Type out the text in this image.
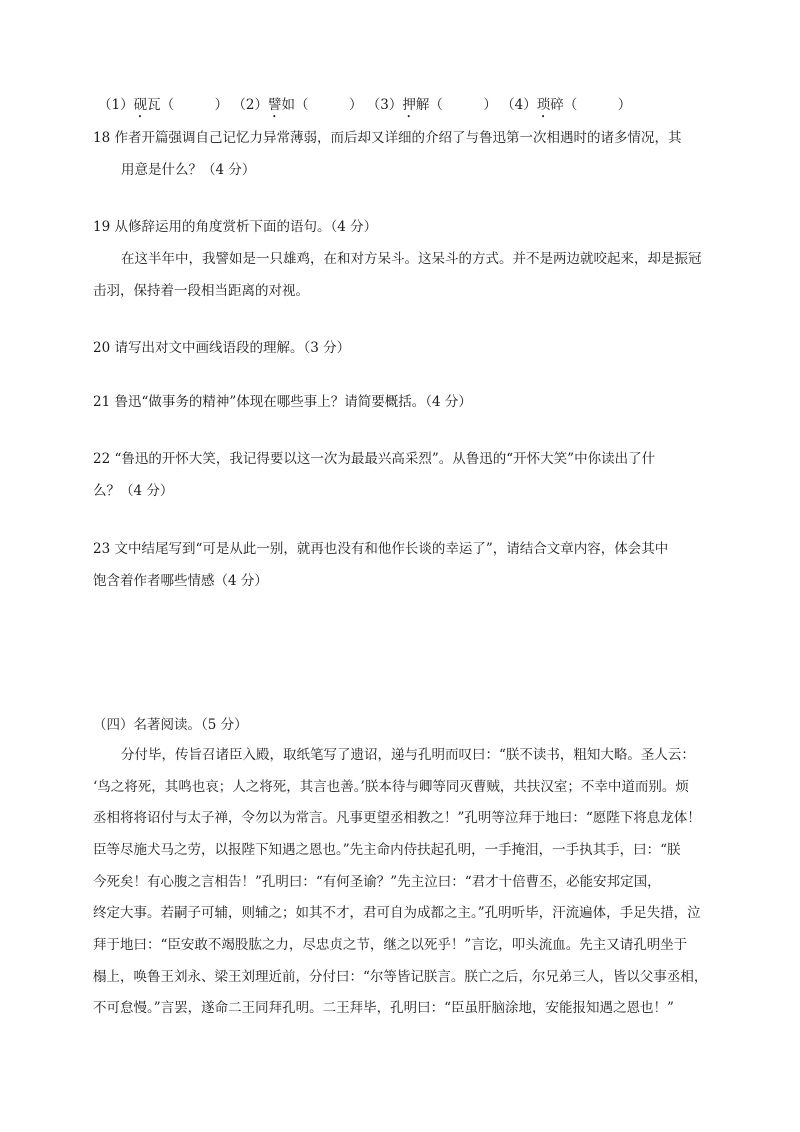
（1）砚瓦（　　　） （2）譬如（　　　） （3）押解（　　　） （4）琐碎（　　　）
18 作者开篇强调自己记忆力异常薄弱，而后却又详细的介绍了与鲁迅第一次相遇时的诸多情况，其
用意是什么？（4 分）
19 从修辞运用的角度赏析下面的语句。（4 分）
在这半年中，我譬如是一只雄鸡，在和对方呆斗。这呆斗的方式。并不是两边就咬起来，却是振冠
击羽，保持着一段相当距离的对视。
20 请写出对文中画线语段的理解。（3 分）
21 鲁迅“做事务的精神”体现在哪些事上？请简要概括。（4 分）
22 “鲁迅的开怀大笑，我记得要以这一次为最最兴高采烈”。从鲁迅的“开怀大笑”中你读出了什
么？（4 分）
23 文中结尾写到“可是从此一别，就再也没有和他作长谈的幸运了”，请结合文章内容，体会其中
饱含着作者哪些情感（4 分）
（四）名著阅读。（5 分）
分付毕，传旨召诸臣入殿，取纸笔写了遗诏，递与孔明而叹曰：“朕不读书，粗知大略。圣人云：
‘鸟之将死，其鸣也哀；人之将死，其言也善。’朕本待与卿等同灭曹贼，共扶汉室；不幸中道而别。烦
丞相将将诏付与太子禅，令勿以为常言。凡事更望丞相教之！”孔明等泣拜于地曰：“愿陛下将息龙体！
臣等尽施犬马之劳，以报陛下知遇之恩也。”先主命内侍扶起孔明，一手掩泪，一手执其手，曰：“朕
今死矣！有心腹之言相告！”孔明曰：“有何圣谕？”先主泣曰：“君才十倍曹丕，必能安邦定国，
终定大事。若嗣子可辅，则辅之；如其不才，君可自为成都之主。”孔明听毕，汗流遍体，手足失措，泣
拜于地曰：“臣安敢不竭股肱之力，尽忠贞之节，继之以死乎！”言讫，叩头流血。先主又请孔明坐于
榻上，唤鲁王刘永、梁王刘理近前，分付曰：“尔等皆记朕言。朕亡之后，尔兄弟三人，皆以父事丞相，
不可怠慢。”言罢，遂命二王同拜孔明。二王拜毕，孔明曰：“臣虽肝脑涂地，安能报知遇之恩也！”
